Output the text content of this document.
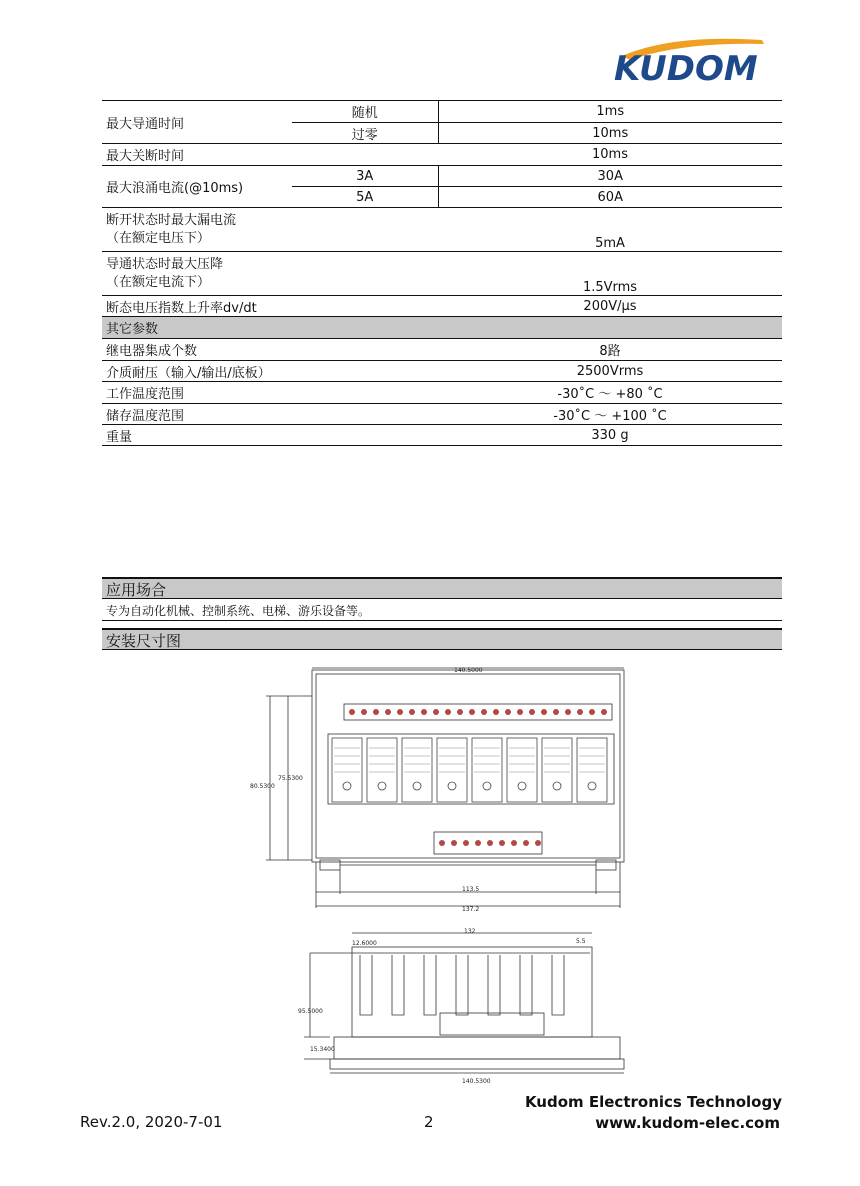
KUDOM
最大导通时间	随机	1ms
	过零	10ms
最大关断时间		10ms
最大浪涌电流(@10ms)	3A	30A
	5A	60A
断开状态时最大漏电流
（在额定电压下）		5mA
导通状态时最大压降
（在额定电流下）		1.5Vrms
断态电压指数上升率dv/dt		200V/μs
其它参数		
继电器集成个数		8路
介质耐压（输入/输出/底板）		2500Vrms
工作温度范围		-30˚C ～ +80 ˚C
储存温度范围		-30˚C ～ +100 ˚C
重量		330 g
应用场合
专为自动化机械、控制系统、电梯、游乐设备等。
安装尺寸图
140.5000
80.5300
75.5300
113.5
137.2
132
12.6000	5.5
95.5000
15.3400
140.5300
Rev.2.0, 2020-7-01	2
Kudom Electronics Technology
www.kudom-elec.com
